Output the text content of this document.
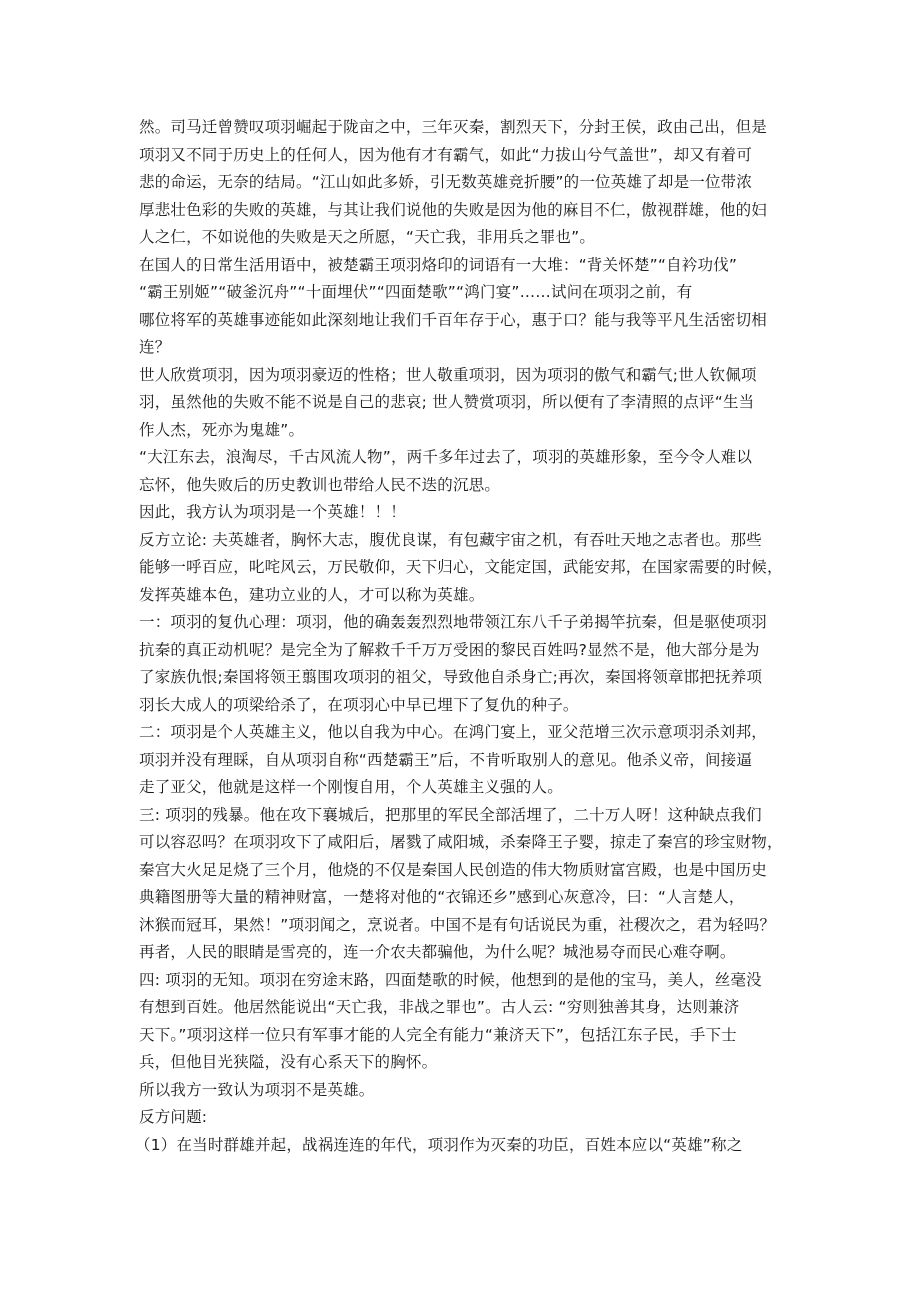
然。司马迁曾赞叹项羽崛起于陇亩之中，三年灭秦，割烈天下，分封王侯，政由己出，但是
项羽又不同于历史上的任何人，因为他有才有霸气，如此“力拔山兮气盖世”，却又有着可
悲的命运，无奈的结局。“江山如此多娇，引无数英雄竞折腰”的一位英雄了却是一位带浓
厚悲壮色彩的失败的英雄，与其让我们说他的失败是因为他的麻目不仁，傲视群雄，他的妇
人之仁，不如说他的失败是天之所愿，“天亡我，非用兵之罪也”。
在国人的日常生活用语中，被楚霸王项羽烙印的词语有一大堆：“背关怀楚”“自衿功伐”
“霸王别姬”“破釜沉舟”“十面埋伏”“四面楚歌”“鸿门宴”……试问在项羽之前，有
哪位将军的英雄事迹能如此深刻地让我们千百年存于心，惠于口？能与我等平凡生活密切相
连？
世人欣赏项羽，因为项羽豪迈的性格；世人敬重项羽，因为项羽的傲气和霸气;世人钦佩项
羽，虽然他的失败不能不说是自己的悲哀; 世人赞赏项羽，所以便有了李清照的点评“生当
作人杰，死亦为鬼雄”。
“大江东去，浪淘尽，千古风流人物”，两千多年过去了，项羽的英雄形象，至今令人难以
忘怀，他失败后的历史教训也带给人民不迭的沉思。
因此，我方认为项羽是一个英雄！！！
反方立论: 夫英雄者，胸怀大志，腹优良谋，有包藏宇宙之机，有吞吐天地之志者也。那些
能够一呼百应，叱咤风云，万民敬仰，天下归心，文能定国，武能安邦，在国家需要的时候，
发挥英雄本色，建功立业的人，才可以称为英雄。
一：项羽的复仇心理：项羽，他的确轰轰烈烈地带领江东八千子弟揭竿抗秦，但是驱使项羽
抗秦的真正动机呢？是完全为了解救千千万万受困的黎民百姓吗?显然不是，他大部分是为
了家族仇恨;秦国将领王翦围攻项羽的祖父，导致他自杀身亡;再次，秦国将领章邯把抚养项
羽长大成人的项梁给杀了，在项羽心中早已埋下了复仇的种子。
二：项羽是个人英雄主义，他以自我为中心。在鸿门宴上，亚父范增三次示意项羽杀刘邦，
项羽并没有理睬，自从项羽自称“西楚霸王”后，不肯听取别人的意见。他杀义帝，间接逼
走了亚父，他就是这样一个刚愎自用，个人英雄主义强的人。
三: 项羽的残暴。他在攻下襄城后，把那里的军民全部活埋了，二十万人呀！这种缺点我们
可以容忍吗？在项羽攻下了咸阳后，屠戮了咸阳城，杀秦降王子婴，掠走了秦宫的珍宝财物，
秦宫大火足足烧了三个月，他烧的不仅是秦国人民创造的伟大物质财富宫殿，也是中国历史
典籍图册等大量的精神财富，一楚将对他的“衣锦还乡”感到心灰意冷，曰：“人言楚人，
沐猴而冠耳，果然！”项羽闻之，烹说者。中国不是有句话说民为重，社稷次之，君为轻吗？
再者，人民的眼睛是雪亮的，连一介农夫都骗他，为什么呢？城池易夺而民心难夺啊。
四: 项羽的无知。项羽在穷途末路，四面楚歌的时候，他想到的是他的宝马，美人，丝毫没
有想到百姓。他居然能说出“天亡我，非战之罪也”。古人云: “穷则独善其身，达则兼济
天下。”项羽这样一位只有军事才能的人完全有能力“兼济天下”，包括江东子民，手下士
兵，但他目光狭隘，没有心系天下的胸怀。
所以我方一致认为项羽不是英雄。
反方问题:
（1）在当时群雄并起，战祸连连的年代，项羽作为灭秦的功臣，百姓本应以“英雄”称之
